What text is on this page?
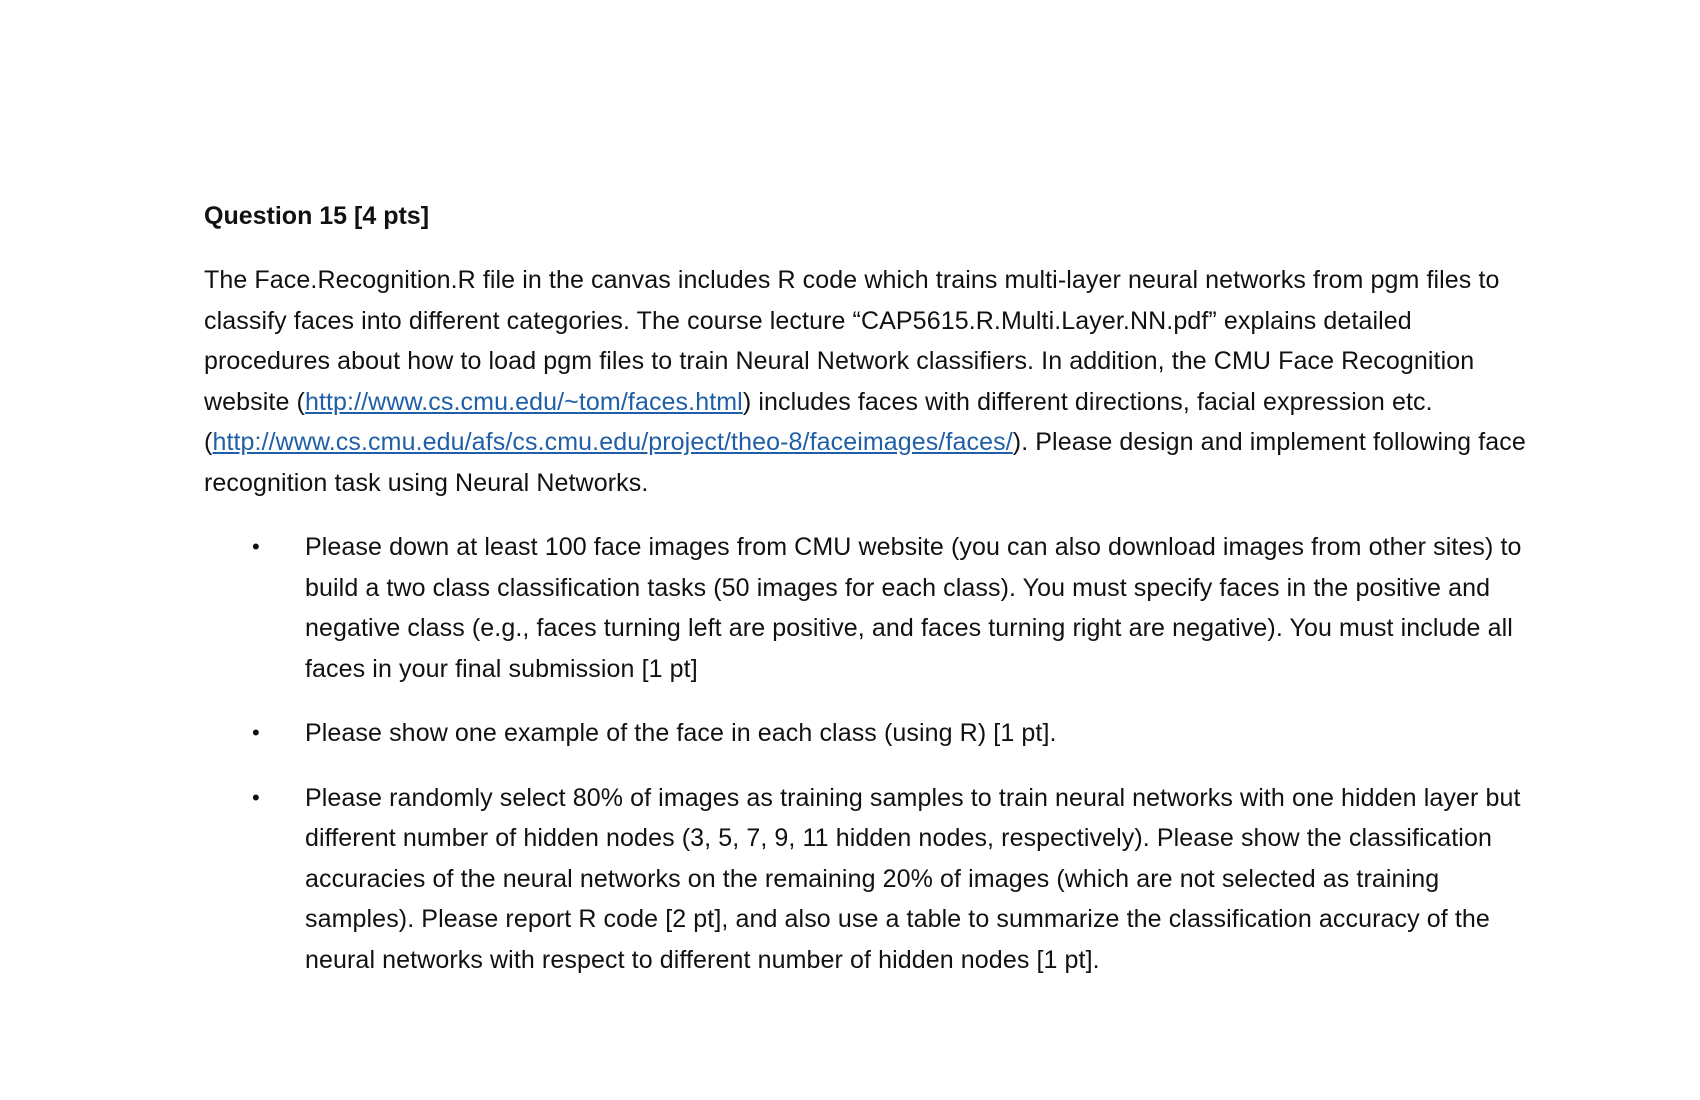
Question 15 [4 pts]

The Face.Recognition.R file in the canvas includes R code which trains multi-layer neural networks from pgm files to classify faces into different categories. The course lecture “CAP5615.R.Multi.Layer.NN.pdf” explains detailed procedures about how to load pgm files to train Neural Network classifiers. In addition, the CMU Face Recognition website (http://www.cs.cmu.edu/~tom/faces.html) includes faces with different directions, facial expression etc. (http://www.cs.cmu.edu/afs/cs.cmu.edu/project/theo-8/faceimages/faces/). Please design and implement following face recognition task using Neural Networks.

• Please down at least 100 face images from CMU website (you can also download images from other sites) to build a two class classification tasks (50 images for each class). You must specify faces in the positive and negative class (e.g., faces turning left are positive, and faces turning right are negative). You must include all faces in your final submission [1 pt]
• Please show one example of the face in each class (using R) [1 pt].
• Please randomly select 80% of images as training samples to train neural networks with one hidden layer but different number of hidden nodes (3, 5, 7, 9, 11 hidden nodes, respectively). Please show the classification accuracies of the neural networks on the remaining 20% of images (which are not selected as training samples). Please report R code [2 pt], and also use a table to summarize the classification accuracy of the neural networks with respect to different number of hidden nodes [1 pt].
